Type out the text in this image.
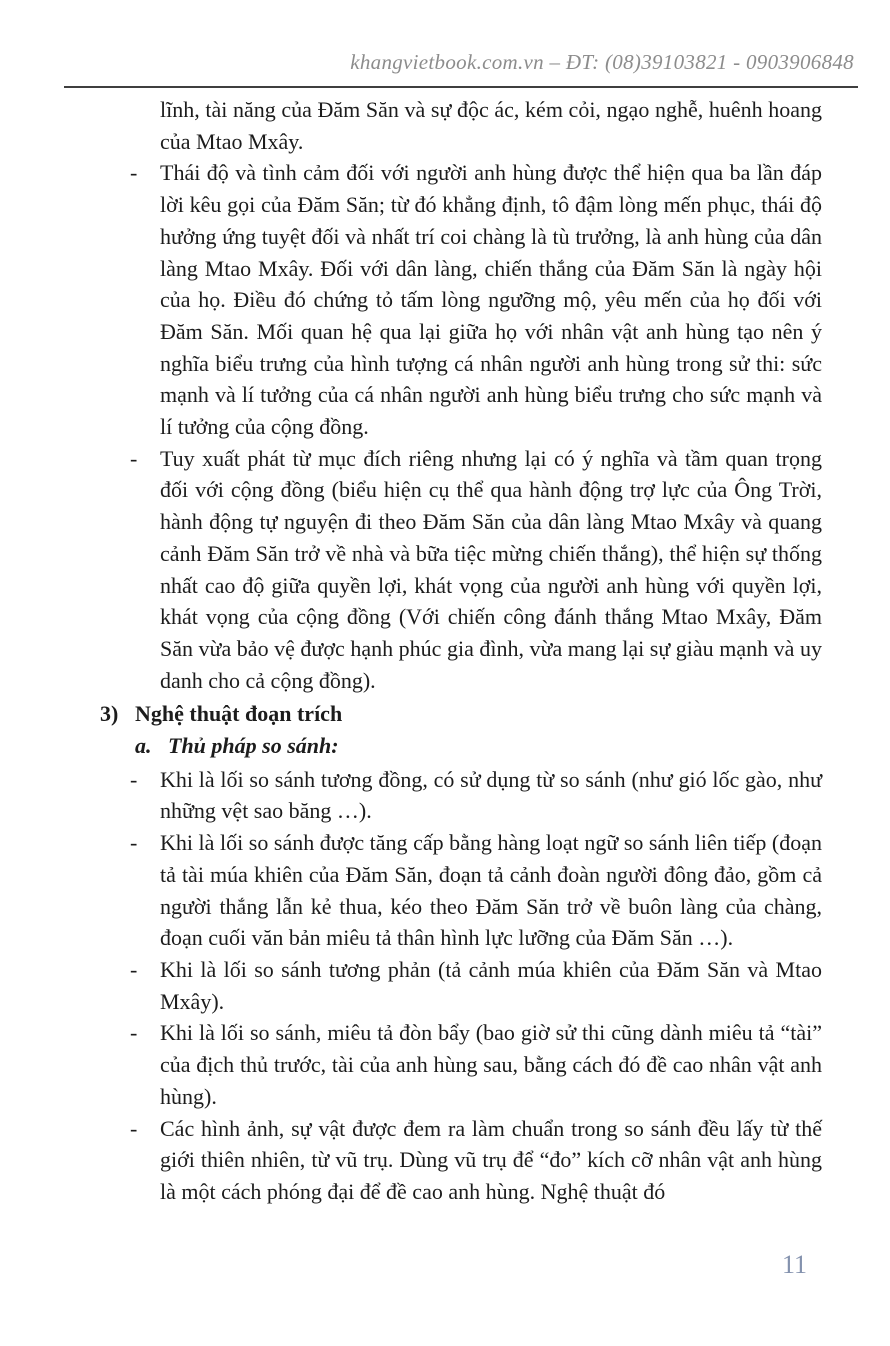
khangvietbook.com.vn – ĐT: (08)39103821 - 0903906848

lĩnh, tài năng của Đăm Săn và sự độc ác, kém cỏi, ngạo nghễ, huênh hoang của Mtao Mxây.

- Thái độ và tình cảm đối với người anh hùng được thể hiện qua ba lần đáp lời kêu gọi của Đăm Săn; từ đó khẳng định, tô đậm lòng mến phục, thái độ hưởng ứng tuyệt đối và nhất trí coi chàng là tù trưởng, là anh hùng của dân làng Mtao Mxây. Đối với dân làng, chiến thắng của Đăm Săn là ngày hội của họ. Điều đó chứng tỏ tấm lòng ngưỡng mộ, yêu mến của họ đối với Đăm Săn. Mối quan hệ qua lại giữa họ với nhân vật anh hùng tạo nên ý nghĩa biểu trưng của hình tượng cá nhân người anh hùng trong sử thi: sức mạnh và lí tưởng của cá nhân người anh hùng biểu trưng cho sức mạnh và lí tưởng của cộng đồng.
- Tuy xuất phát từ mục đích riêng nhưng lại có ý nghĩa và tầm quan trọng đối với cộng đồng (biểu hiện cụ thể qua hành động trợ lực của Ông Trời, hành động tự nguyện đi theo Đăm Săn của dân làng Mtao Mxây và quang cảnh Đăm Săn trở về nhà và bữa tiệc mừng chiến thắng), thể hiện sự thống nhất cao độ giữa quyền lợi, khát vọng của người anh hùng với quyền lợi, khát vọng của cộng đồng (Với chiến công đánh thắng Mtao Mxây, Đăm Săn vừa bảo vệ được hạnh phúc gia đình, vừa mang lại sự giàu mạnh và uy danh cho cả cộng đồng).
3) Nghệ thuật đoạn trích
a. Thủ pháp so sánh:
- Khi là lối so sánh tương đồng, có sử dụng từ so sánh (như gió lốc gào, như những vệt sao băng …).
- Khi là lối so sánh được tăng cấp bằng hàng loạt ngữ so sánh liên tiếp (đoạn tả tài múa khiên của Đăm Săn, đoạn tả cảnh đoàn người đông đảo, gồm cả người thắng lẫn kẻ thua, kéo theo Đăm Săn trở về buôn làng của chàng, đoạn cuối văn bản miêu tả thân hình lực lưỡng của Đăm Săn …).
- Khi là lối so sánh tương phản (tả cảnh múa khiên của Đăm Săn và Mtao Mxây).
- Khi là lối so sánh, miêu tả đòn bẩy (bao giờ sử thi cũng dành miêu tả “tài” của địch thủ trước, tài của anh hùng sau, bằng cách đó đề cao nhân vật anh hùng).
- Các hình ảnh, sự vật được đem ra làm chuẩn trong so sánh đều lấy từ thế giới thiên nhiên, từ vũ trụ. Dùng vũ trụ để “đo” kích cỡ nhân vật anh hùng là một cách phóng đại để đề cao anh hùng. Nghệ thuật đó
11
